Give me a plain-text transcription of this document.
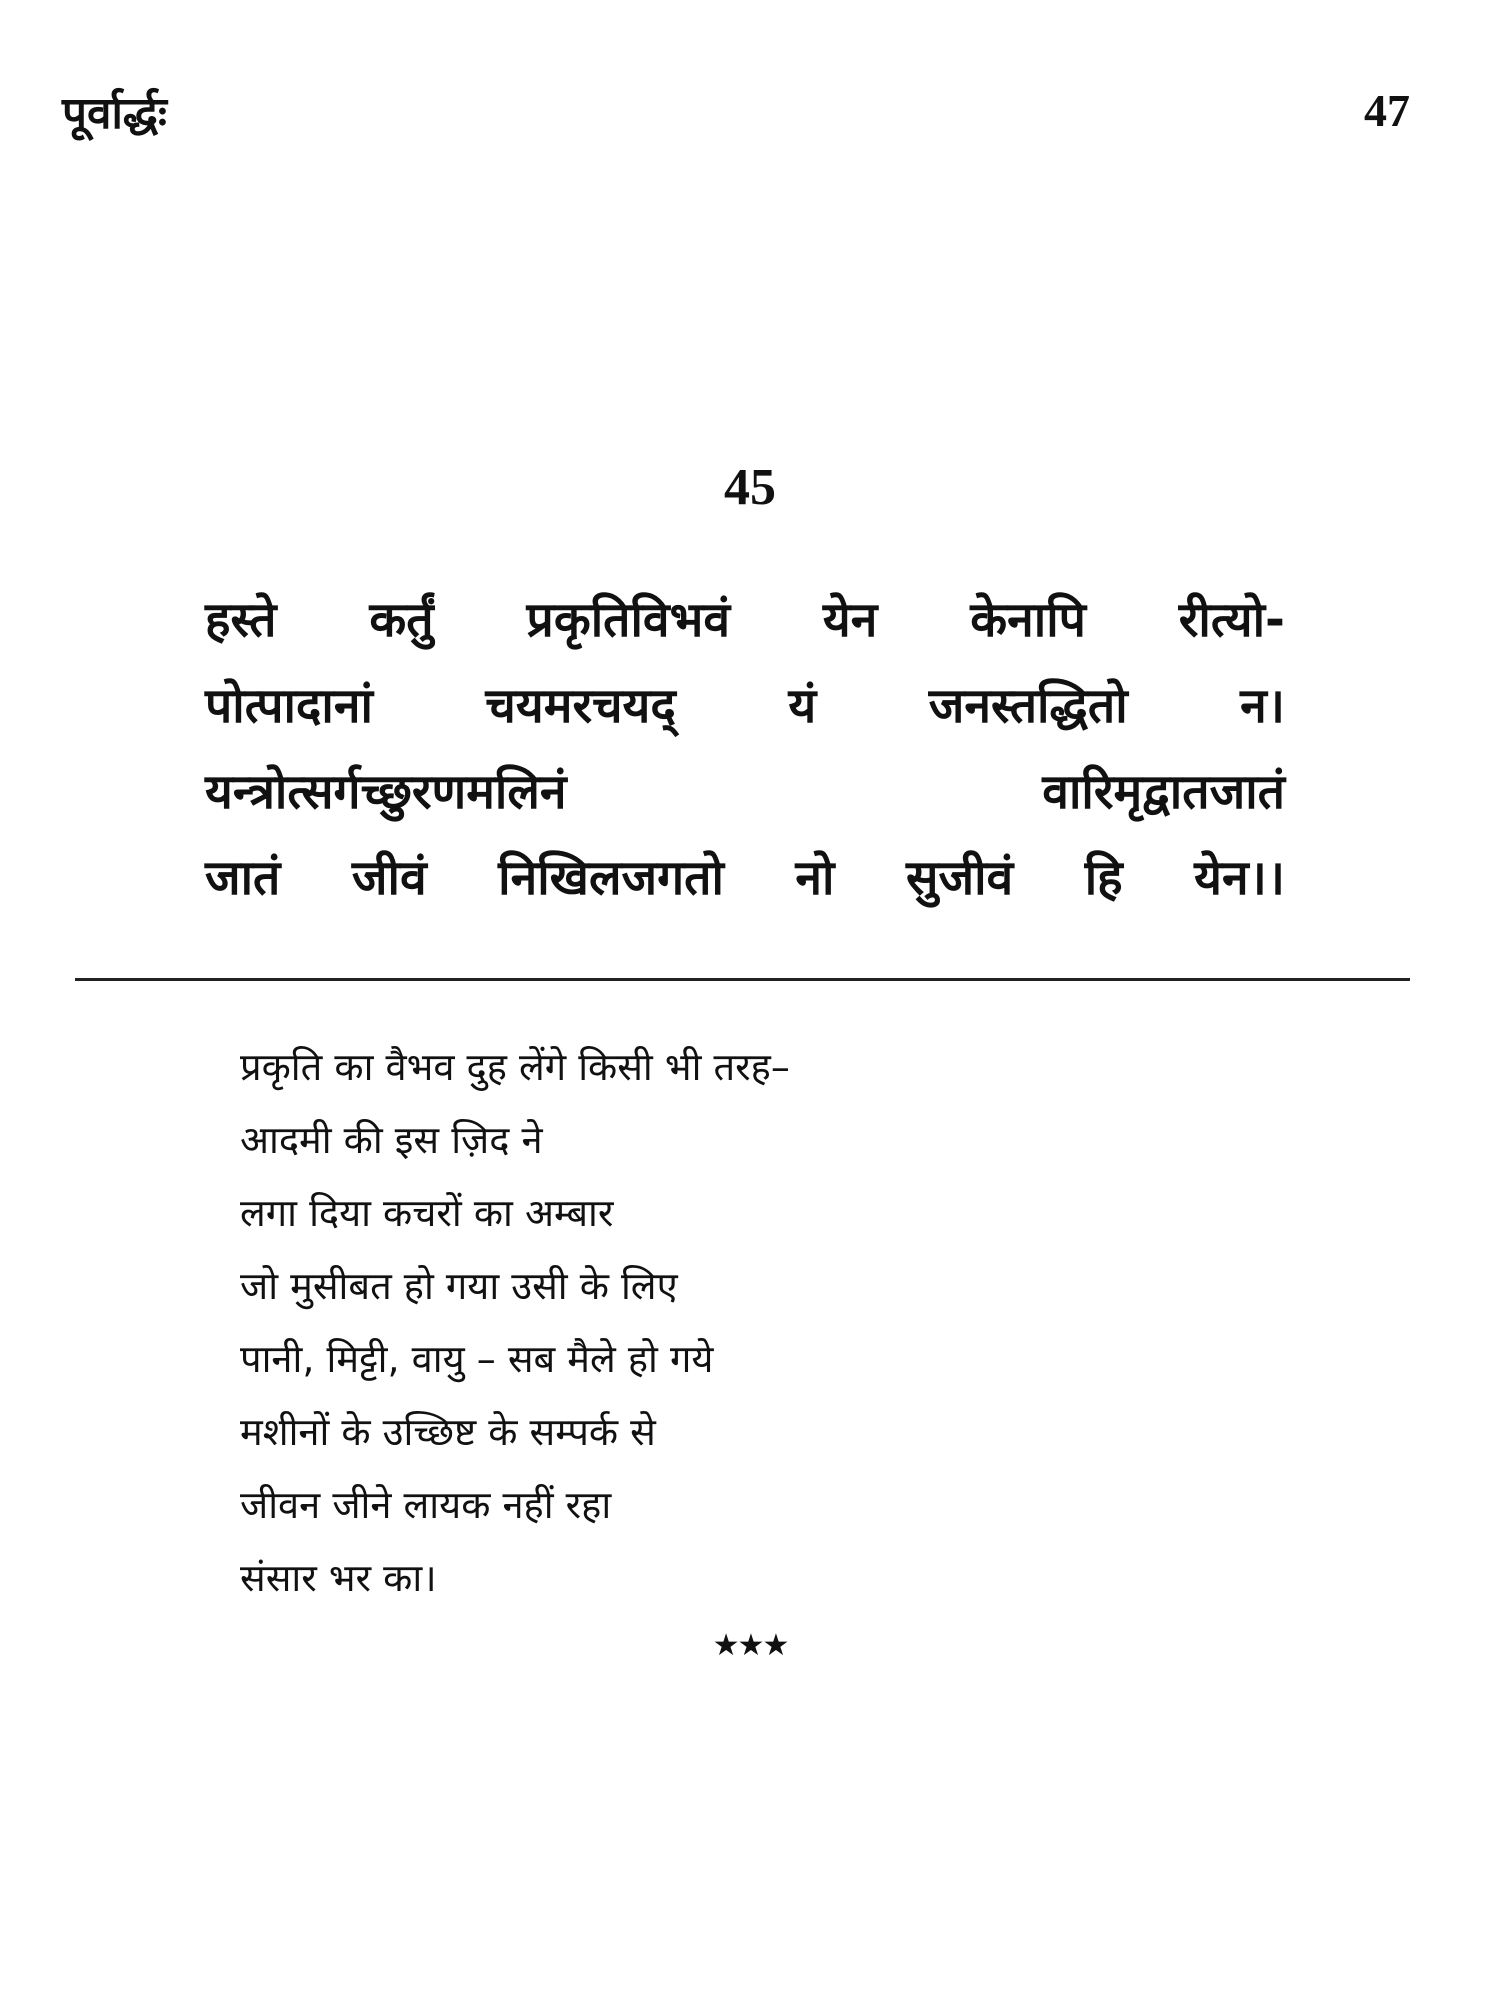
पूर्वार्द्धः	47
45
हस्ते कर्तुं प्रकृतिविभवं येन केनापि रीत्यो-
पोत्पादानां चयमरचयद् यं जनस्तद्धितो न।
यन्त्रोत्सर्गच्छुरणमलिनं	वारिमृद्वातजातं
जातं जीवं निखिलजगतो नो सुजीवं हि येन।।
प्रकृति का वैभव दुह लेंगे किसी भी तरह–
आदमी की इस ज़िद ने
लगा दिया कचरों का अम्बार
जो मुसीबत हो गया उसी के लिए
पानी, मिट्टी, वायु – सब मैले हो गये
मशीनों के उच्छिष्ट के सम्पर्क से
जीवन जीने लायक नहीं रहा
संसार भर का।
★★★
